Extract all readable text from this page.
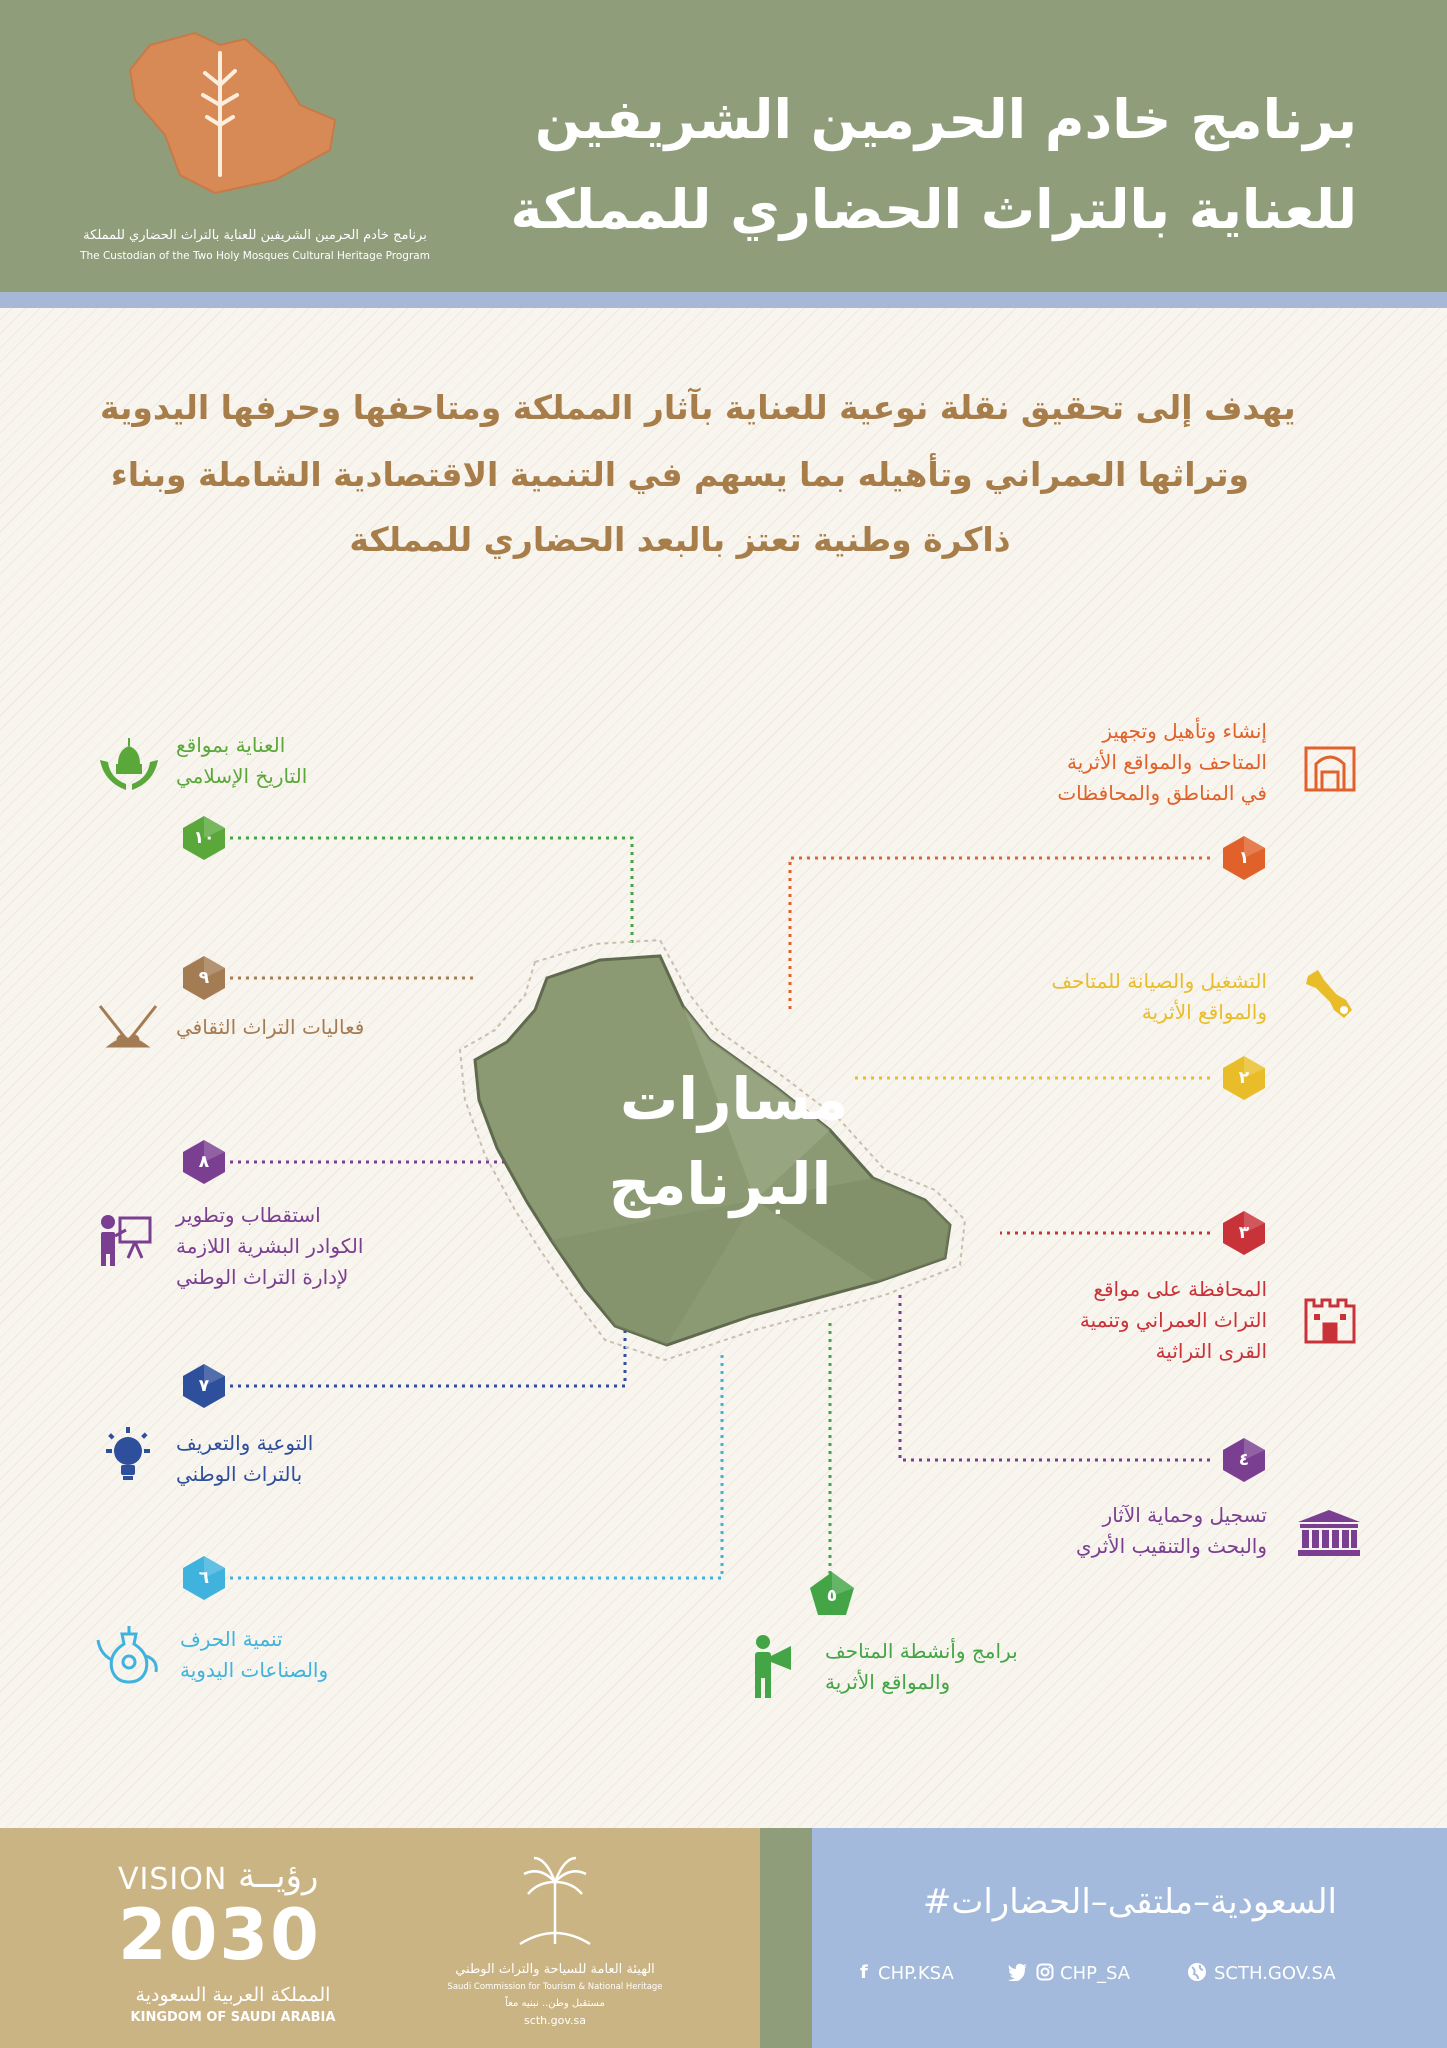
برنامج خادم الحرمين الشريفين للعناية بالتراث الحضاري للمملكة
The Custodian of the Two Holy Mosques Cultural Heritage Program
برنامج خادم الحرمين الشريفين
للعناية بالتراث الحضاري للمملكة
يهدف إلى تحقيق نقلة نوعية للعناية بآثار المملكة ومتاحفها وحرفها اليدوية
وتراثها العمراني وتأهيله بما يسهم في التنمية الاقتصادية الشاملة وبناء
ذاكرة وطنية تعتز بالبعد الحضاري للمملكة
مسارات
البرنامج
١
إنشاء وتأهيل وتجهيز
المتاحف والمواقع الأثرية
في المناطق والمحافظات
٢
التشغيل والصيانة للمتاحف
والمواقع الأثرية
٣
المحافظة على مواقع
التراث العمراني وتنمية
القرى التراثية
٤
تسجيل وحماية الآثار
والبحث والتنقيب الأثري
٥
برامج وأنشطة المتاحف
والمواقع الأثرية
٦
تنمية الحرف
والصناعات اليدوية
٧
التوعية والتعريف
بالتراث الوطني
٨
استقطاب وتطوير
الكوادر البشرية اللازمة
لإدارة التراث الوطني
٩
فعاليات التراث الثقافي
١٠
العناية بمواقع
التاريخ الإسلامي
VISION رؤيــة
2030
المملكة العربية السعودية
KINGDOM OF SAUDI ARABIA
الهيئة العامة للسياحة والتراث الوطني
Saudi Commission for Tourism & National Heritage
مستقبل وطن.. نبنيه معاً
scth.gov.sa
#السعودية–ملتقى–الحضارات
f CHP.KSA	CHP_SA	SCTH.GOV.SA
